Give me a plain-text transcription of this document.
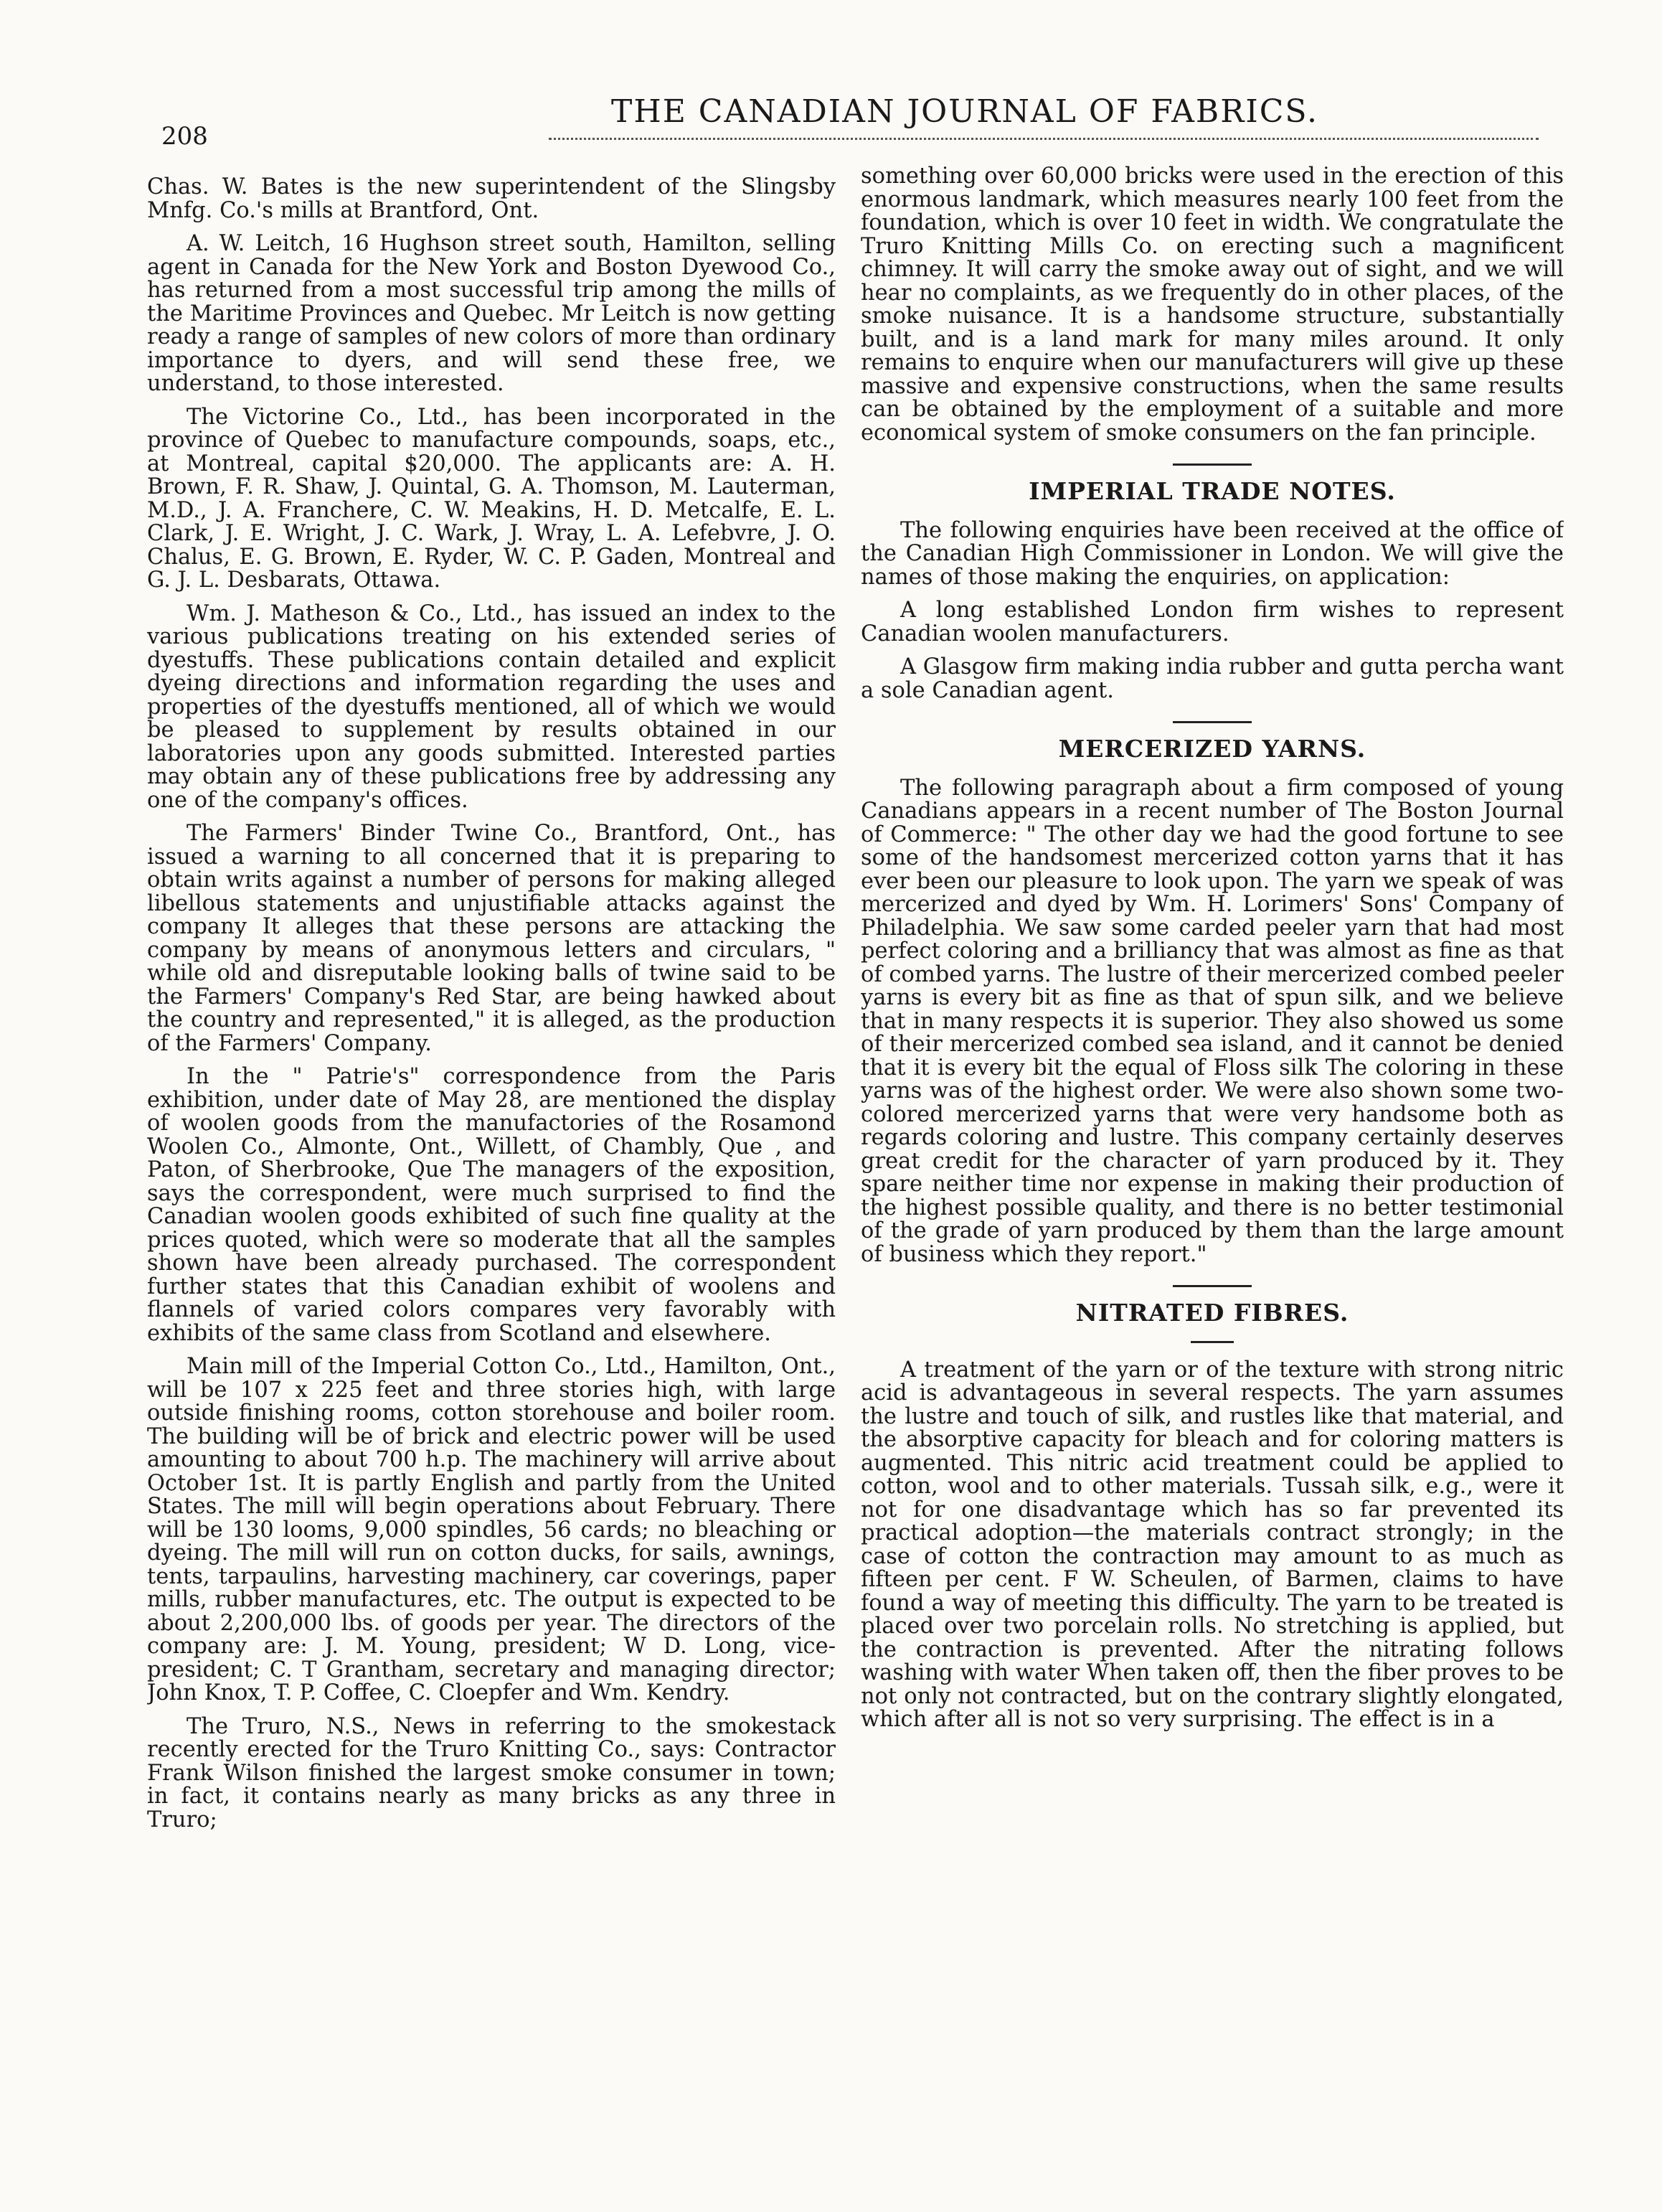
208
THE CANADIAN JOURNAL OF FABRICS.

Chas. W. Bates is the new superintendent of the Slingsby Mnfg. Co.'s mills at Brantford, Ont.

A. W. Leitch, 16 Hughson street south, Hamilton, selling agent in Canada for the New York and Boston Dyewood Co., has returned from a most successful trip among the mills of the Maritime Provinces and Quebec. Mr Leitch is now getting ready a range of samples of new colors of more than ordinary importance to dyers, and will send these free, we understand, to those interested.

The Victorine Co., Ltd., has been incorporated in the province of Quebec to manufacture compounds, soaps, etc., at Montreal, capital $20,000. The applicants are: A. H. Brown, F. R. Shaw, J. Quintal, G. A. Thomson, M. Lauterman, M.D., J. A. Franchere, C. W. Meakins, H. D. Metcalfe, E. L. Clark, J. E. Wright, J. C. Wark, J. Wray, L. A. Lefebvre, J. O. Chalus, E. G. Brown, E. Ryder, W. C. P. Gaden, Montreal and G. J. L. Desbarats, Ottawa.

Wm. J. Matheson & Co., Ltd., has issued an index to the various publications treating on his extended series of dyestuffs. These publications contain detailed and explicit dyeing directions and information regarding the uses and properties of the dyestuffs mentioned, all of which we would be pleased to supplement by results obtained in our laboratories upon any goods submitted. Interested parties may obtain any of these publications free by addressing any one of the company's offices.

The Farmers' Binder Twine Co., Brantford, Ont., has issued a warning to all concerned that it is preparing to obtain writs against a number of persons for making alleged libellous statements and unjustifiable attacks against the company It alleges that these persons are attacking the company by means of anonymous letters and circulars, " while old and disreputable looking balls of twine said to be the Farmers' Company's Red Star, are being hawked about the country and represented," it is alleged, as the production of the Farmers' Company.

In the " Patrie's" correspondence from the Paris exhibition, under date of May 28, are mentioned the display of woolen goods from the manufactories of the Rosamond Woolen Co., Almonte, Ont., Willett, of Chambly, Que , and Paton, of Sherbrooke, Que The managers of the exposition, says the correspondent, were much surprised to find the Canadian woolen goods exhibited of such fine quality at the prices quoted, which were so moderate that all the samples shown have been already purchased. The correspondent further states that this Canadian exhibit of woolens and flannels of varied colors compares very favorably with exhibits of the same class from Scotland and elsewhere.

Main mill of the Imperial Cotton Co., Ltd., Hamilton, Ont., will be 107 x 225 feet and three stories high, with large outside finishing rooms, cotton storehouse and boiler room. The building will be of brick and electric power will be used amounting to about 700 h.p. The machinery will arrive about October 1st. It is partly English and partly from the United States. The mill will begin operations about February. There will be 130 looms, 9,000 spindles, 56 cards; no bleaching or dyeing. The mill will run on cotton ducks, for sails, awnings, tents, tarpaulins, harvesting machinery, car coverings, paper mills, rubber manufactures, etc. The output is expected to be about 2,200,000 lbs. of goods per year. The directors of the company are: J. M. Young, president; W D. Long, vice-president; C. T Grantham, secretary and managing director; John Knox, T. P. Coffee, C. Cloepfer and Wm. Kendry.

The Truro, N.S., News in referring to the smokestack recently erected for the Truro Knitting Co., says: Contractor Frank Wilson finished the largest smoke consumer in town; in fact, it contains nearly as many bricks as any three in Truro;

something over 60,000 bricks were used in the erection of this enormous landmark, which measures nearly 100 feet from the foundation, which is over 10 feet in width. We congratulate the Truro Knitting Mills Co. on erecting such a magnificent chimney. It will carry the smoke away out of sight, and we will hear no complaints, as we frequently do in other places, of the smoke nuisance. It is a handsome structure, substantially built, and is a land mark for many miles around. It only remains to enquire when our manufacturers will give up these massive and expensive constructions, when the same results can be obtained by the employment of a suitable and more economical system of smoke consumers on the fan principle.

IMPERIAL TRADE NOTES.

The following enquiries have been received at the office of the Canadian High Commissioner in London. We will give the names of those making the enquiries, on application:

A long established London firm wishes to represent Canadian woolen manufacturers.

A Glasgow firm making india rubber and gutta percha want a sole Canadian agent.

MERCERIZED YARNS.

The following paragraph about a firm composed of young Canadians appears in a recent number of The Boston Journal of Commerce: " The other day we had the good fortune to see some of the handsomest mercerized cotton yarns that it has ever been our pleasure to look upon. The yarn we speak of was mercerized and dyed by Wm. H. Lorimers' Sons' Company of Philadelphia. We saw some carded peeler yarn that had most perfect coloring and a brilliancy that was almost as fine as that of combed yarns. The lustre of their mercerized combed peeler yarns is every bit as fine as that of spun silk, and we believe that in many respects it is superior. They also showed us some of their mercerized combed sea island, and it cannot be denied that it is every bit the equal of Floss silk The coloring in these yarns was of the highest order. We were also shown some two-colored mercerized yarns that were very handsome both as regards coloring and lustre. This company certainly deserves great credit for the character of yarn produced by it. They spare neither time nor expense in making their production of the highest possible quality, and there is no better testimonial of the grade of yarn produced by them than the large amount of business which they report."

NITRATED FIBRES.

A treatment of the yarn or of the texture with strong nitric acid is advantageous in several respects. The yarn assumes the lustre and touch of silk, and rustles like that material, and the absorptive capacity for bleach and for coloring matters is augmented. This nitric acid treatment could be applied to cotton, wool and to other materials. Tussah silk, e.g., were it not for one disadvantage which has so far prevented its practical adoption—the materials contract strongly; in the case of cotton the contraction may amount to as much as fifteen per cent. F W. Scheulen, of Barmen, claims to have found a way of meeting this difficulty. The yarn to be treated is placed over two porcelain rolls. No stretching is applied, but the contraction is prevented. After the nitrating follows washing with water When taken off, then the fiber proves to be not only not contracted, but on the contrary slightly elongated, which after all is not so very surprising. The effect is in a
